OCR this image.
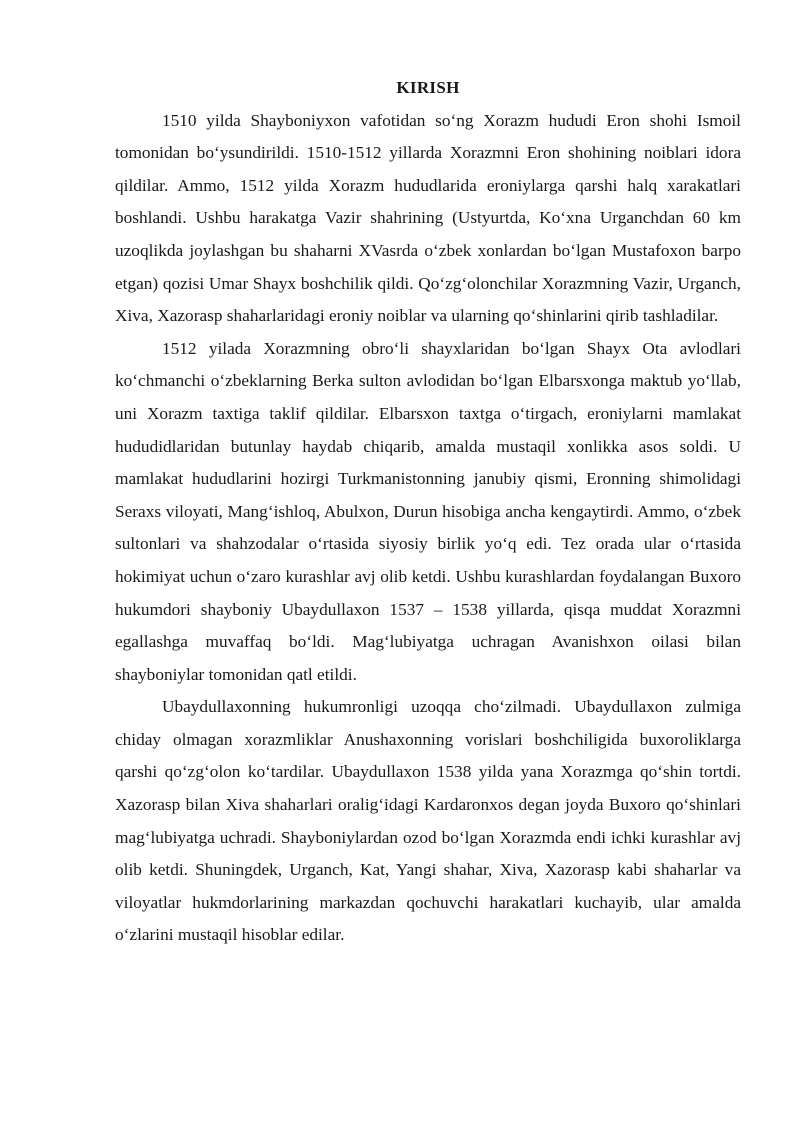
KIRISH

1510 yilda Shayboniyxon vafotidan so‘ng Xorazm hududi Eron shohi Ismoil tomonidan bo‘ysundirildi. 1510-1512 yillarda Xorazmni Eron shohining noiblari idora qildilar. Ammo, 1512 yilda Xorazm hududlarida eroniylarga qarshi halq xarakatlari boshlandi. Ushbu harakatga Vazir shahrining (Ustyurtda, Ko‘xna Urganchdan 60 km uzoqlikda joylashgan bu shaharni XVasrda o‘zbek xonlardan bo‘lgan Mustafoxon barpo etgan) qozisi Umar Shayx boshchilik qildi. Qo‘zg‘olonchilar Xorazmning Vazir, Urganch, Xiva, Xazorasp shaharlaridagi eroniy noiblar va ularning qo‘shinlarini qirib tashladilar.

1512 yilada Xorazmning obro‘li shayxlaridan bo‘lgan Shayx Ota avlodlari ko‘chmanchi o‘zbeklarning Berka sulton avlodidan bo‘lgan Elbarsxonga maktub yo‘llab, uni Xorazm taxtiga taklif qildilar. Elbarsxon taxtga o‘tirgach, eroniylarni mamlakat hududidlaridan butunlay haydab chiqarib, amalda mustaqil xonlikka asos soldi. U mamlakat hududlarini hozirgi Turkmanistonning janubiy qismi, Eronning shimolidagi Seraxs viloyati, Mang‘ishloq, Abulxon, Durun hisobiga ancha kengaytirdi. Ammo, o‘zbek sultonlari va shahzodalar o‘rtasida siyosiy birlik yo‘q edi. Tez orada ular o‘rtasida hokimiyat uchun o‘zaro kurashlar avj olib ketdi. Ushbu kurashlardan foydalangan Buxoro hukumdori shayboniy Ubaydullaxon 1537 – 1538 yillarda, qisqa muddat Xorazmni egallashga muvaffaq bo‘ldi. Mag‘lubiyatga uchragan Avanishxon oilasi bilan shayboniylar tomonidan qatl etildi.

Ubaydullaxonning hukumronligi uzoqqa cho‘zilmadi. Ubaydullaxon zulmiga chiday olmagan xorazmliklar Anushaxonning vorislari boshchiligida buxoroliklarga qarshi qo‘zg‘olon ko‘tardilar. Ubaydullaxon 1538 yilda yana Xorazmga qo‘shin tortdi. Xazorasp bilan Xiva shaharlari oralig‘idagi Kardaronxos degan joyda Buxoro qo‘shinlari mag‘lubiyatga uchradi. Shayboniylardan ozod bo‘lgan Xorazmda endi ichki kurashlar avj olib ketdi. Shuningdek, Urganch, Kat, Yangi shahar, Xiva, Xazorasp kabi shaharlar va viloyatlar hukmdorlarining markazdan qochuvchi harakatlari kuchayib, ular amalda o‘zlarini mustaqil hisoblar edilar.
